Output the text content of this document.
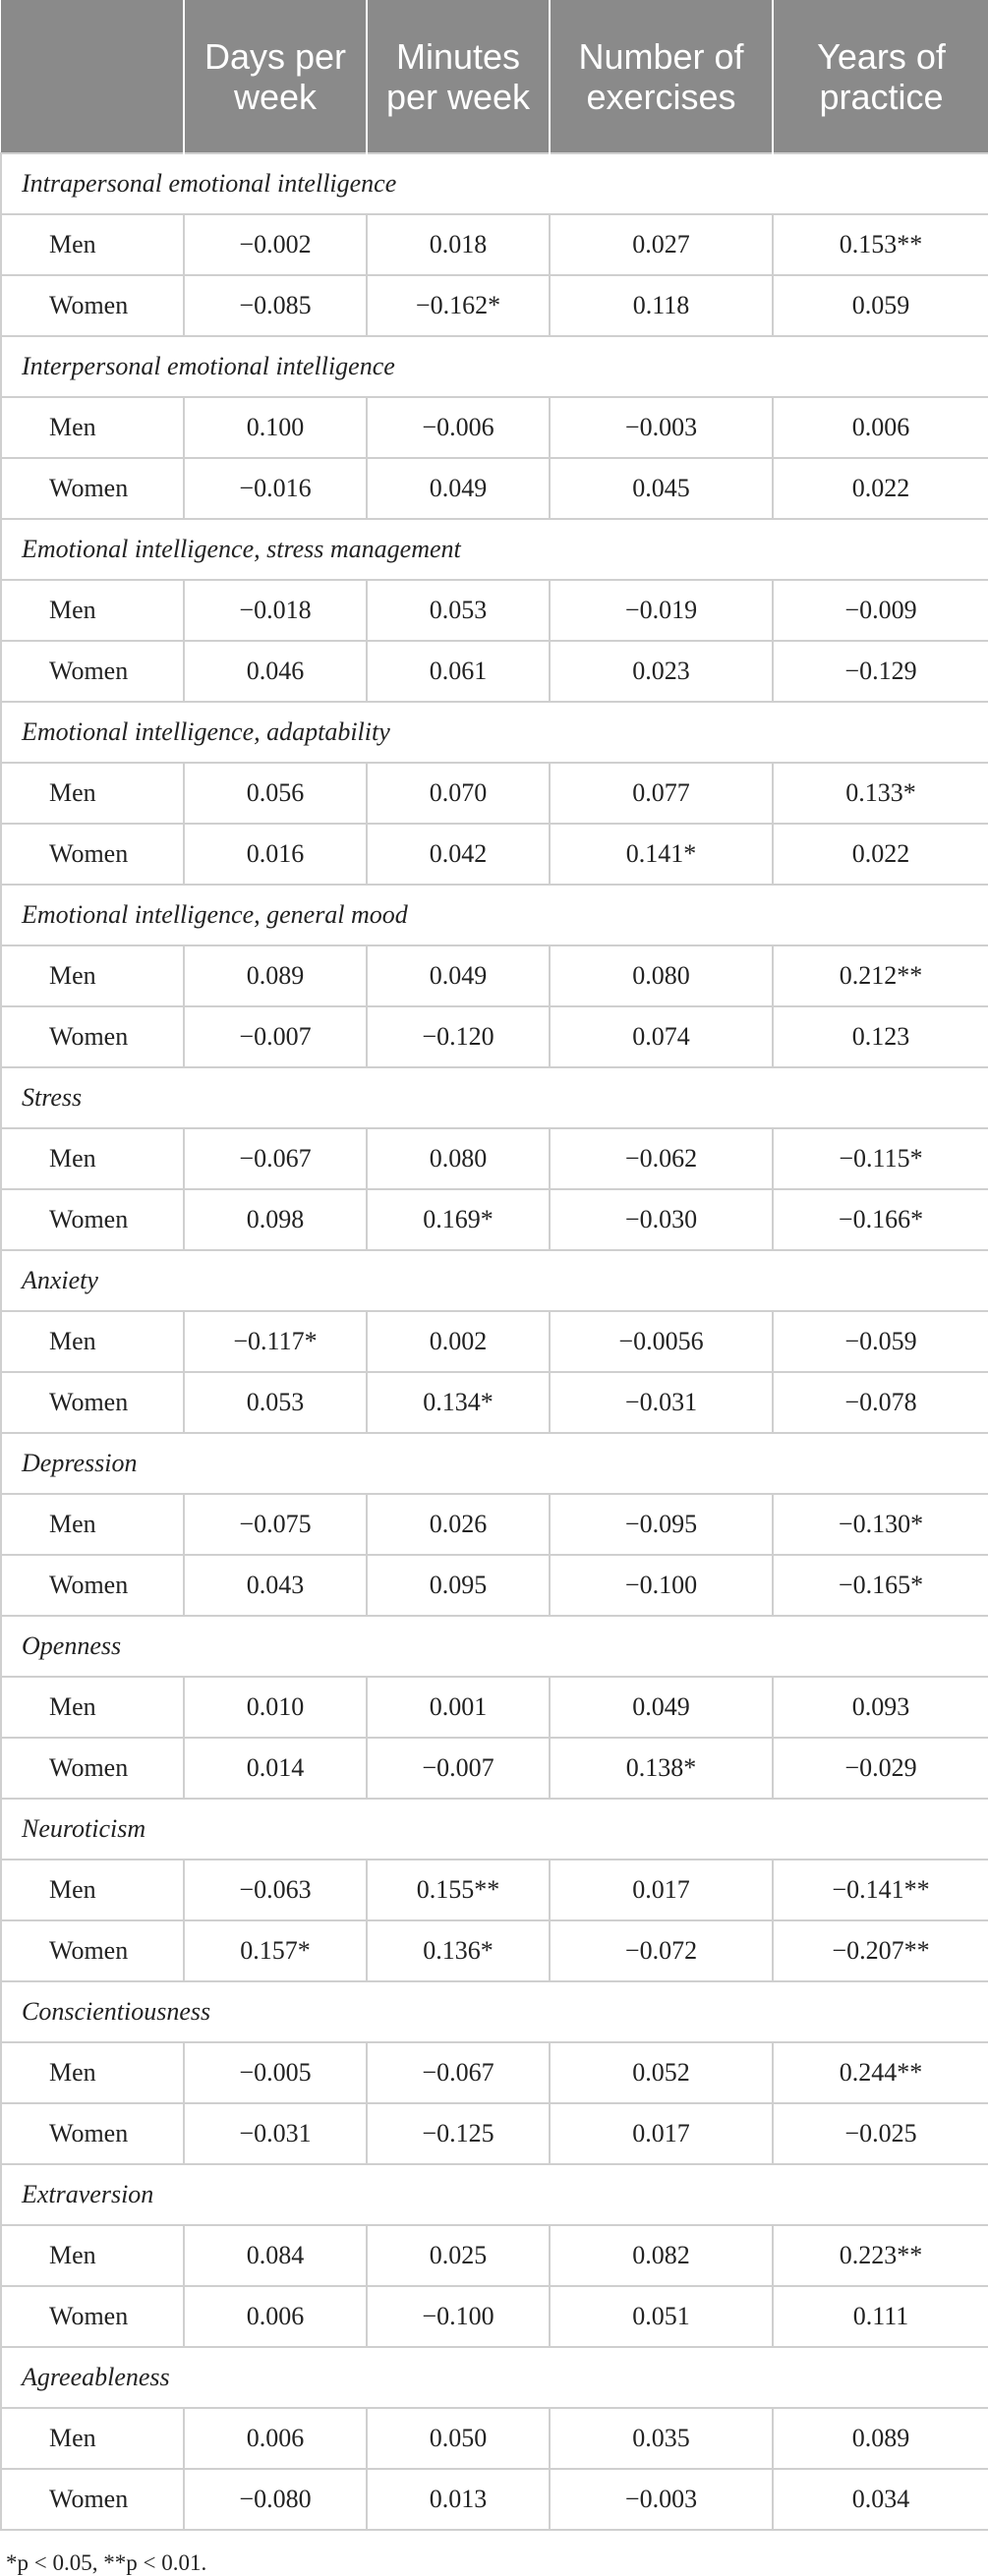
	Days per week	Minutes per week	Number of exercises	Years of practice
Intrapersonal emotional intelligence				
Men	−0.002	0.018	0.027	0.153**
Women	−0.085	−0.162*	0.118	0.059
Interpersonal emotional intelligence				
Men	0.100	−0.006	−0.003	0.006
Women	−0.016	0.049	0.045	0.022
Emotional intelligence, stress management				
Men	−0.018	0.053	−0.019	−0.009
Women	0.046	0.061	0.023	−0.129
Emotional intelligence, adaptability				
Men	0.056	0.070	0.077	0.133*
Women	0.016	0.042	0.141*	0.022
Emotional intelligence, general mood				
Men	0.089	0.049	0.080	0.212**
Women	−0.007	−0.120	0.074	0.123
Stress				
Men	−0.067	0.080	−0.062	−0.115*
Women	0.098	0.169*	−0.030	−0.166*
Anxiety				
Men	−0.117*	0.002	−0.0056	−0.059
Women	0.053	0.134*	−0.031	−0.078
Depression				
Men	−0.075	0.026	−0.095	−0.130*
Women	0.043	0.095	−0.100	−0.165*
Openness				
Men	0.010	0.001	0.049	0.093
Women	0.014	−0.007	0.138*	−0.029
Neuroticism				
Men	−0.063	0.155**	0.017	−0.141**
Women	0.157*	0.136*	−0.072	−0.207**
Conscientiousness				
Men	−0.005	−0.067	0.052	0.244**
Women	−0.031	−0.125	0.017	−0.025
Extraversion				
Men	0.084	0.025	0.082	0.223**
Women	0.006	−0.100	0.051	0.111
Agreeableness				
Men	0.006	0.050	0.035	0.089
Women	−0.080	0.013	−0.003	0.034
*p < 0.05, **p < 0.01.
